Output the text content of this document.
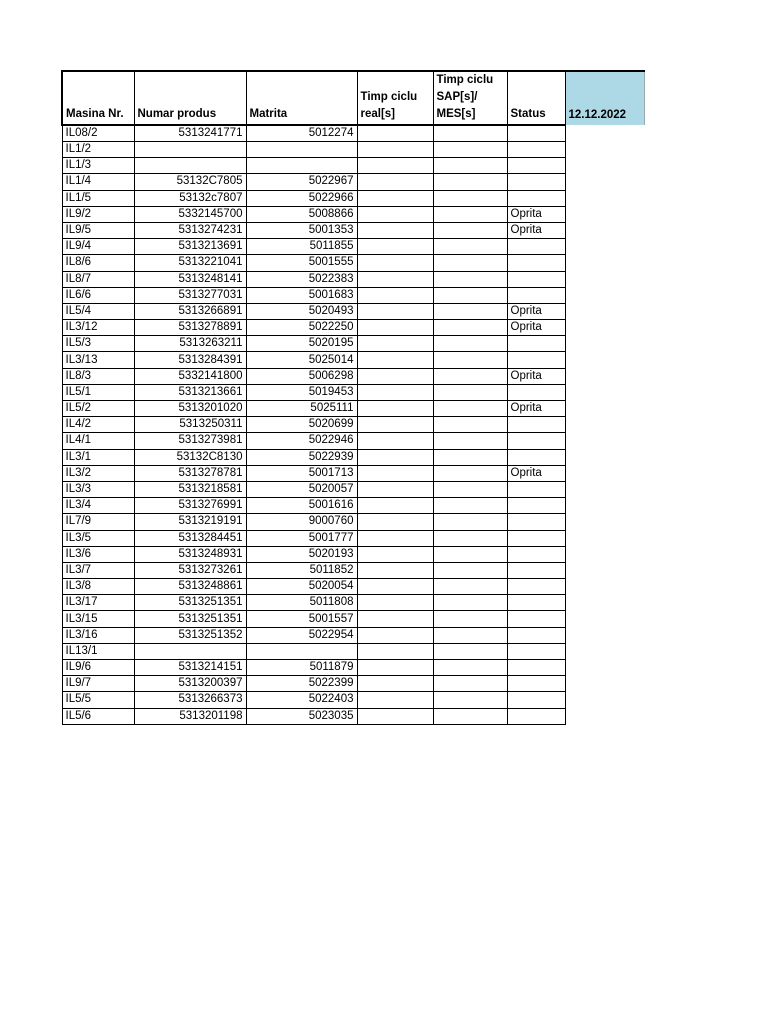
Masina Nr.	Numar produs	Matrita	Timp ciclu real[s]	Timp ciclu SAP[s]/ MES[s]	Status	12.12.2022
IL08/2	5313241771	5012274				
IL1/2						
IL1/3						
IL1/4	53132C7805	5022967				
IL1/5	53132c7807	5022966				
IL9/2	5332145700	5008866			Oprita	
IL9/5	5313274231	5001353			Oprita	
IL9/4	5313213691	5011855				
IL8/6	5313221041	5001555				
IL8/7	5313248141	5022383				
IL6/6	5313277031	5001683				
IL5/4	5313266891	5020493			Oprita	
IL3/12	5313278891	5022250			Oprita	
IL5/3	5313263211	5020195				
IL3/13	5313284391	5025014				
IL8/3	5332141800	5006298			Oprita	
IL5/1	5313213661	5019453				
IL5/2	5313201020	5025111			Oprita	
IL4/2	5313250311	5020699				
IL4/1	5313273981	5022946				
IL3/1	53132C8130	5022939				
IL3/2	5313278781	5001713			Oprita	
IL3/3	5313218581	5020057				
IL3/4	5313276991	5001616				
IL7/9	5313219191	9000760				
IL3/5	5313284451	5001777				
IL3/6	5313248931	5020193				
IL3/7	5313273261	5011852				
IL3/8	5313248861	5020054				
IL3/17	5313251351	5011808				
IL3/15	5313251351	5001557				
IL3/16	5313251352	5022954				
IL13/1						
IL9/6	5313214151	5011879				
IL9/7	5313200397	5022399				
IL5/5	5313266373	5022403				
IL5/6	5313201198	5023035				
